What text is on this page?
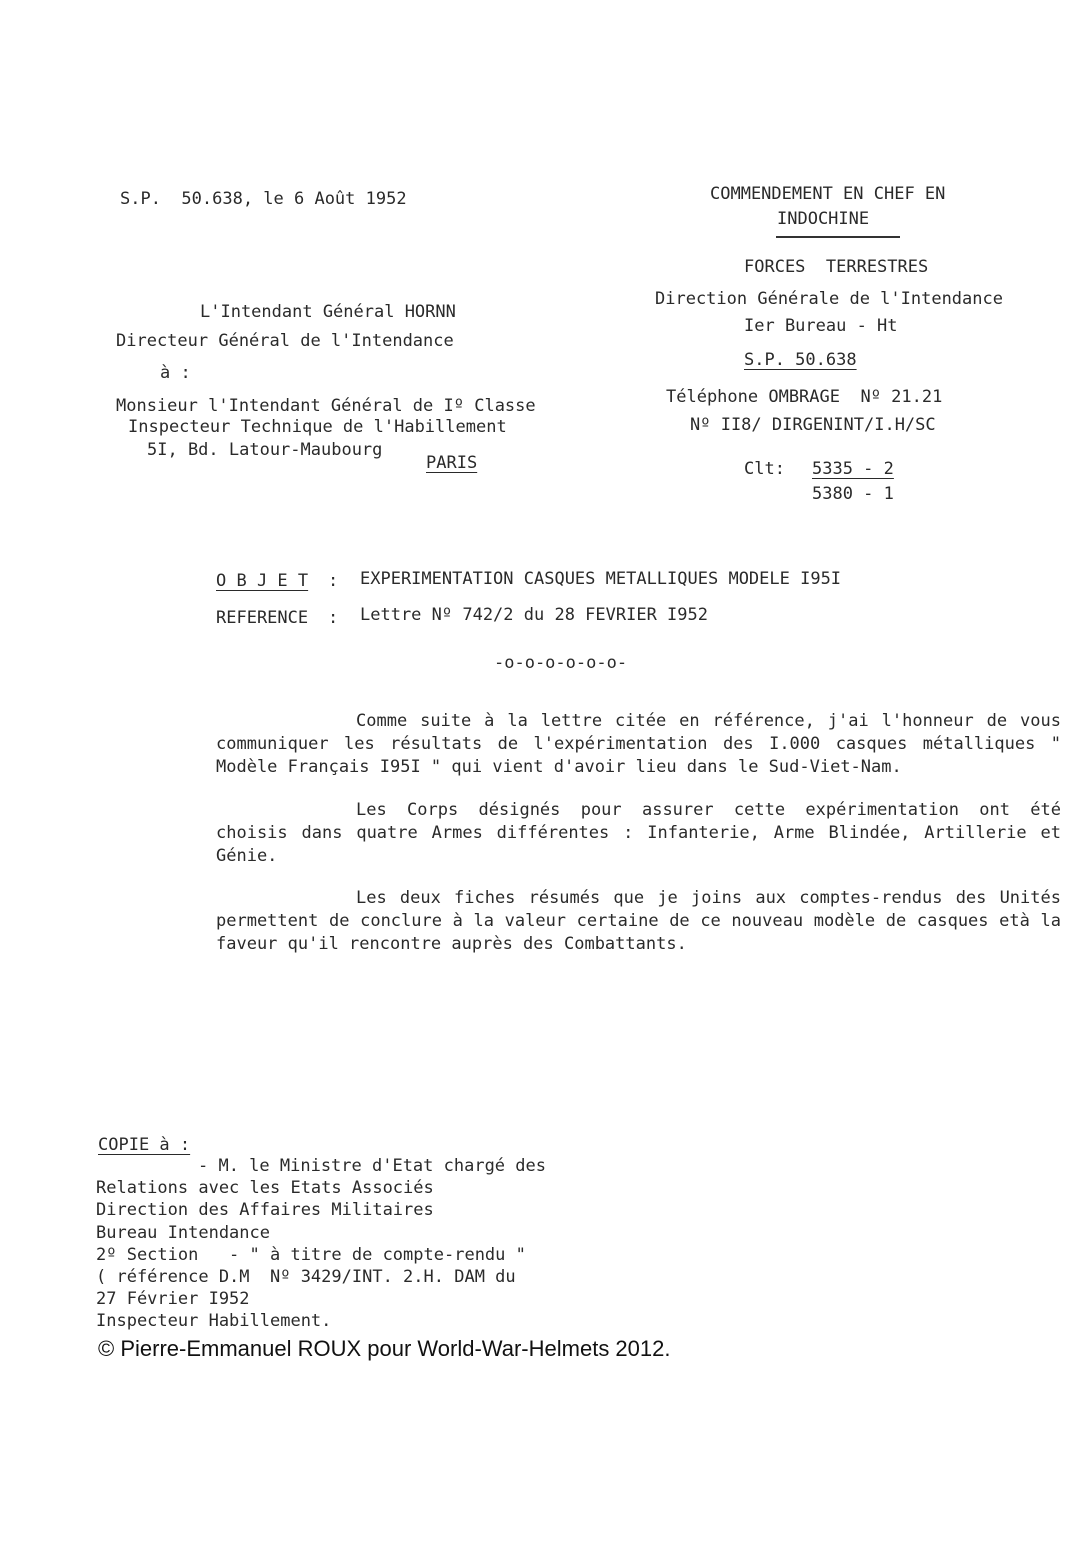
S.P.  50.638, le 6 Août 1952	COMMENDEMENT EN CHEF EN
INDOCHINE
FORCES  TERRESTRES
Direction Générale de l'Intendance
Ier Bureau - Ht
S.P. 50.638
Téléphone OMBRAGE  Nº 21.21
Nº II8/ DIRGENINT/I.H/SC
Clt: 5335 - 2
5380 - 1
L'Intendant Général HORNN
Directeur Général de l'Intendance
à :
Monsieur l'Intendant Général de Iº Classe
Inspecteur Technique de l'Habillement
5I, Bd. Latour-Maubourg
PARIS
O B J E T : EXPERIMENTATION CASQUES METALLIQUES MODELE I95I
REFERENCE : Lettre Nº 742/2 du 28 FEVRIER I952
-o-o-o-o-o-o-
Comme suite à la lettre citée en référence, j'ai l'honneur de vous communiquer les résultats de l'expérimentation des I.000 casques métalliques " Modèle Français I95I " qui vient d'avoir lieu dans le Sud-Viet-Nam.
Les Corps désignés pour assurer cette expérimentation ont été choisis dans quatre Armes différentes : Infanterie, Arme Blindée, Artillerie et Génie.
Les deux fiches résumés que je joins aux comptes-rendus des Unités permettent de conclure à la valeur certaine de ce nouveau modèle de casques età la faveur qu'il rencontre auprès des Combattants.
COPIE à :
- M. le Ministre d'Etat chargé des
Relations avec les Etats Associés
Direction des Affaires Militaires
Bureau Intendance
2º Section   - " à titre de compte-rendu "
( référence D.M  Nº 3429/INT. 2.H. DAM du
27 Février I952
Inspecteur Habillement.
© Pierre-Emmanuel ROUX pour World-War-Helmets 2012.
